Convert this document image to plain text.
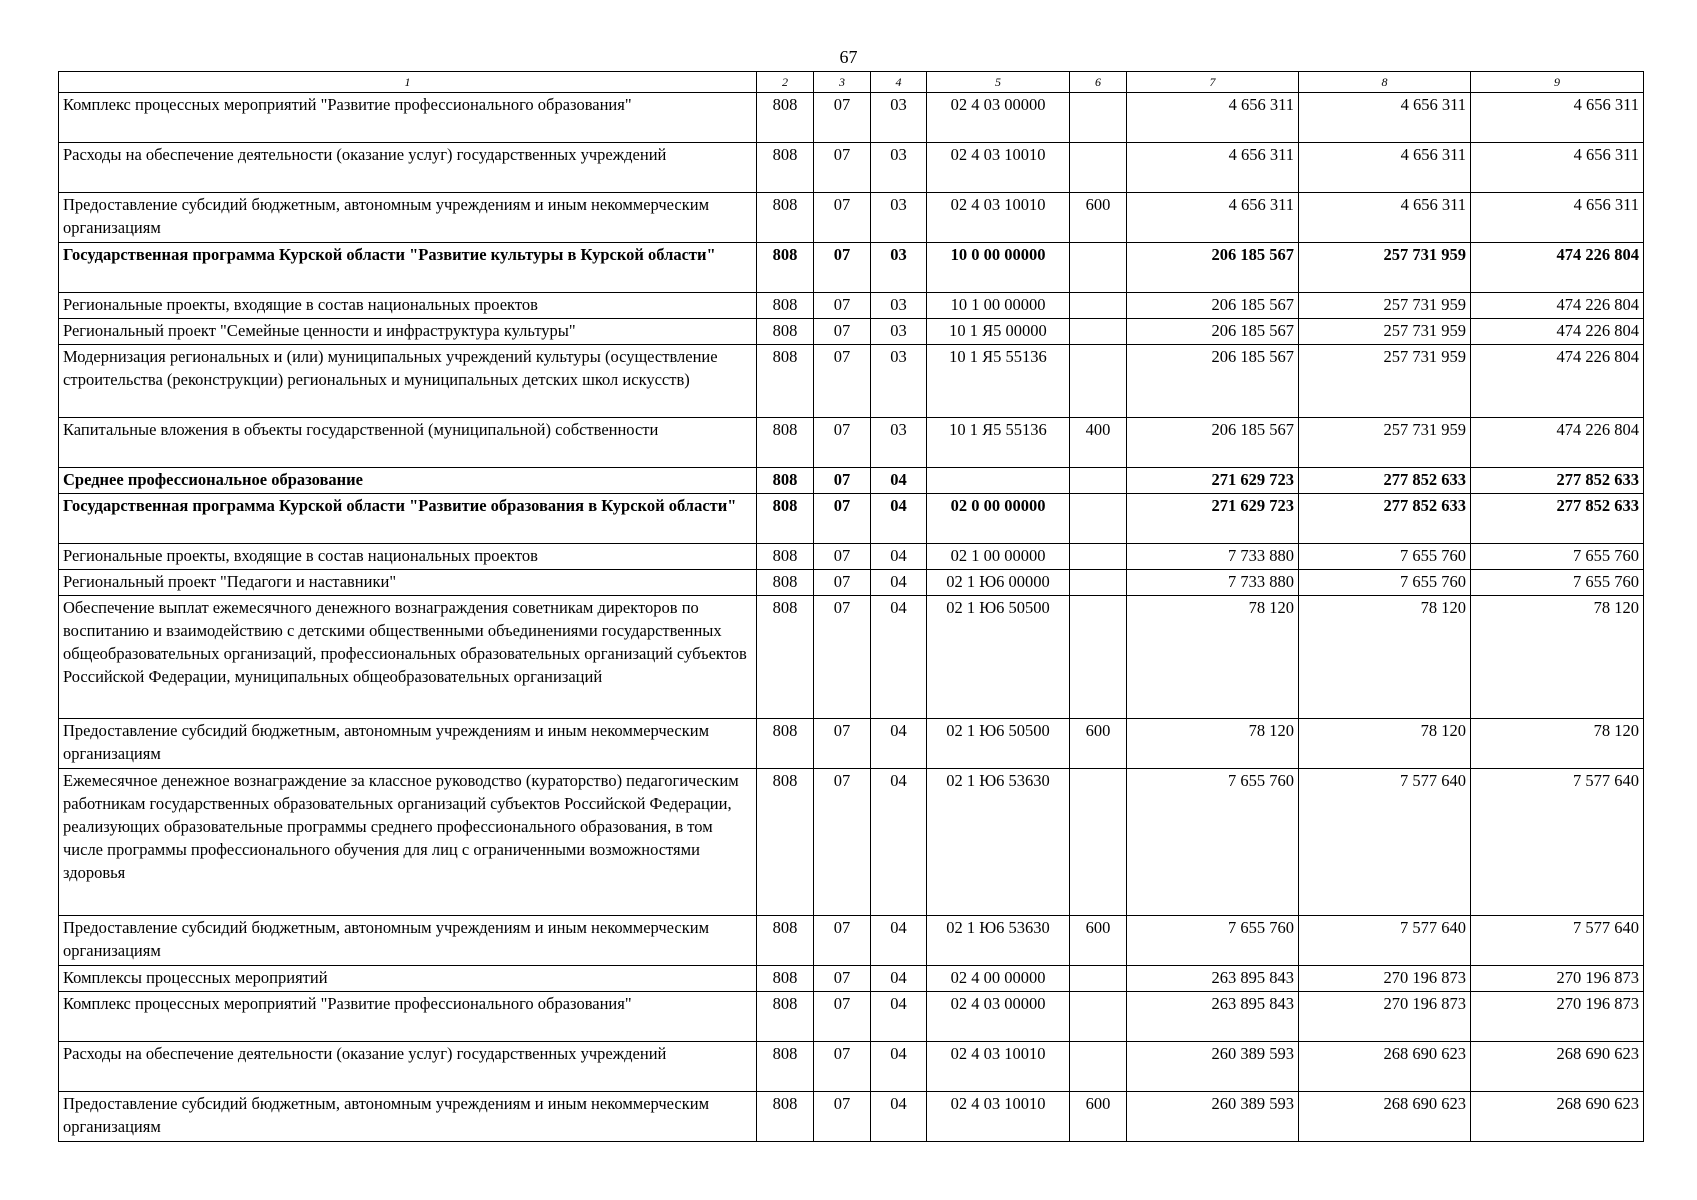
67
1	2	3	4	5	6	7	8	9
Комплекс процессных мероприятий "Развитие профессионального образования"	808	07	03	02 4 03 00000		4 656 311	4 656 311	4 656 311
Расходы на обеспечение деятельности (оказание услуг) государственных учреждений	808	07	03	02 4 03 10010		4 656 311	4 656 311	4 656 311
Предоставление субсидий бюджетным, автономным учреждениям и иным некоммерческим организациям	808	07	03	02 4 03 10010	600	4 656 311	4 656 311	4 656 311
Государственная программа Курской области "Развитие культуры в Курской области"	808	07	03	10 0 00 00000		206 185 567	257 731 959	474 226 804
Региональные проекты, входящие в состав национальных проектов	808	07	03	10 1 00 00000		206 185 567	257 731 959	474 226 804
Региональный проект "Семейные ценности и инфраструктура культуры"	808	07	03	10 1 Я5 00000		206 185 567	257 731 959	474 226 804
Модернизация региональных и (или) муниципальных учреждений культуры (осуществление строительства (реконструкции) региональных и муниципальных детских школ искусств)	808	07	03	10 1 Я5 55136		206 185 567	257 731 959	474 226 804
Капитальные вложения в объекты государственной (муниципальной) собственности	808	07	03	10 1 Я5 55136	400	206 185 567	257 731 959	474 226 804
Среднее профессиональное образование	808	07	04			271 629 723	277 852 633	277 852 633
Государственная программа Курской области "Развитие образования в Курской области"	808	07	04	02 0 00 00000		271 629 723	277 852 633	277 852 633
Региональные проекты, входящие в состав национальных проектов	808	07	04	02 1 00 00000		7 733 880	7 655 760	7 655 760
Региональный проект "Педагоги и наставники"	808	07	04	02 1 Ю6 00000		7 733 880	7 655 760	7 655 760
Обеспечение выплат ежемесячного денежного вознаграждения советникам директоров по воспитанию и взаимодействию с детскими общественными объединениями государственных общеобразовательных организаций, профессиональных образовательных организаций субъектов Российской Федерации, муниципальных общеобразовательных организаций	808	07	04	02 1 Ю6 50500		78 120	78 120	78 120
Предоставление субсидий бюджетным, автономным учреждениям и иным некоммерческим организациям	808	07	04	02 1 Ю6 50500	600	78 120	78 120	78 120
Ежемесячное денежное вознаграждение за классное руководство (кураторство) педагогическим работникам государственных образовательных организаций субъектов Российской Федерации, реализующих образовательные программы среднего профессионального образования, в том числе программы профессионального обучения для лиц с ограниченными возможностями здоровья	808	07	04	02 1 Ю6 53630		7 655 760	7 577 640	7 577 640
Предоставление субсидий бюджетным, автономным учреждениям и иным некоммерческим организациям	808	07	04	02 1 Ю6 53630	600	7 655 760	7 577 640	7 577 640
Комплексы процессных мероприятий	808	07	04	02 4 00 00000		263 895 843	270 196 873	270 196 873
Комплекс процессных мероприятий "Развитие профессионального образования"	808	07	04	02 4 03 00000		263 895 843	270 196 873	270 196 873
Расходы на обеспечение деятельности (оказание услуг) государственных учреждений	808	07	04	02 4 03 10010		260 389 593	268 690 623	268 690 623
Предоставление субсидий бюджетным, автономным учреждениям и иным некоммерческим организациям	808	07	04	02 4 03 10010	600	260 389 593	268 690 623	268 690 623
